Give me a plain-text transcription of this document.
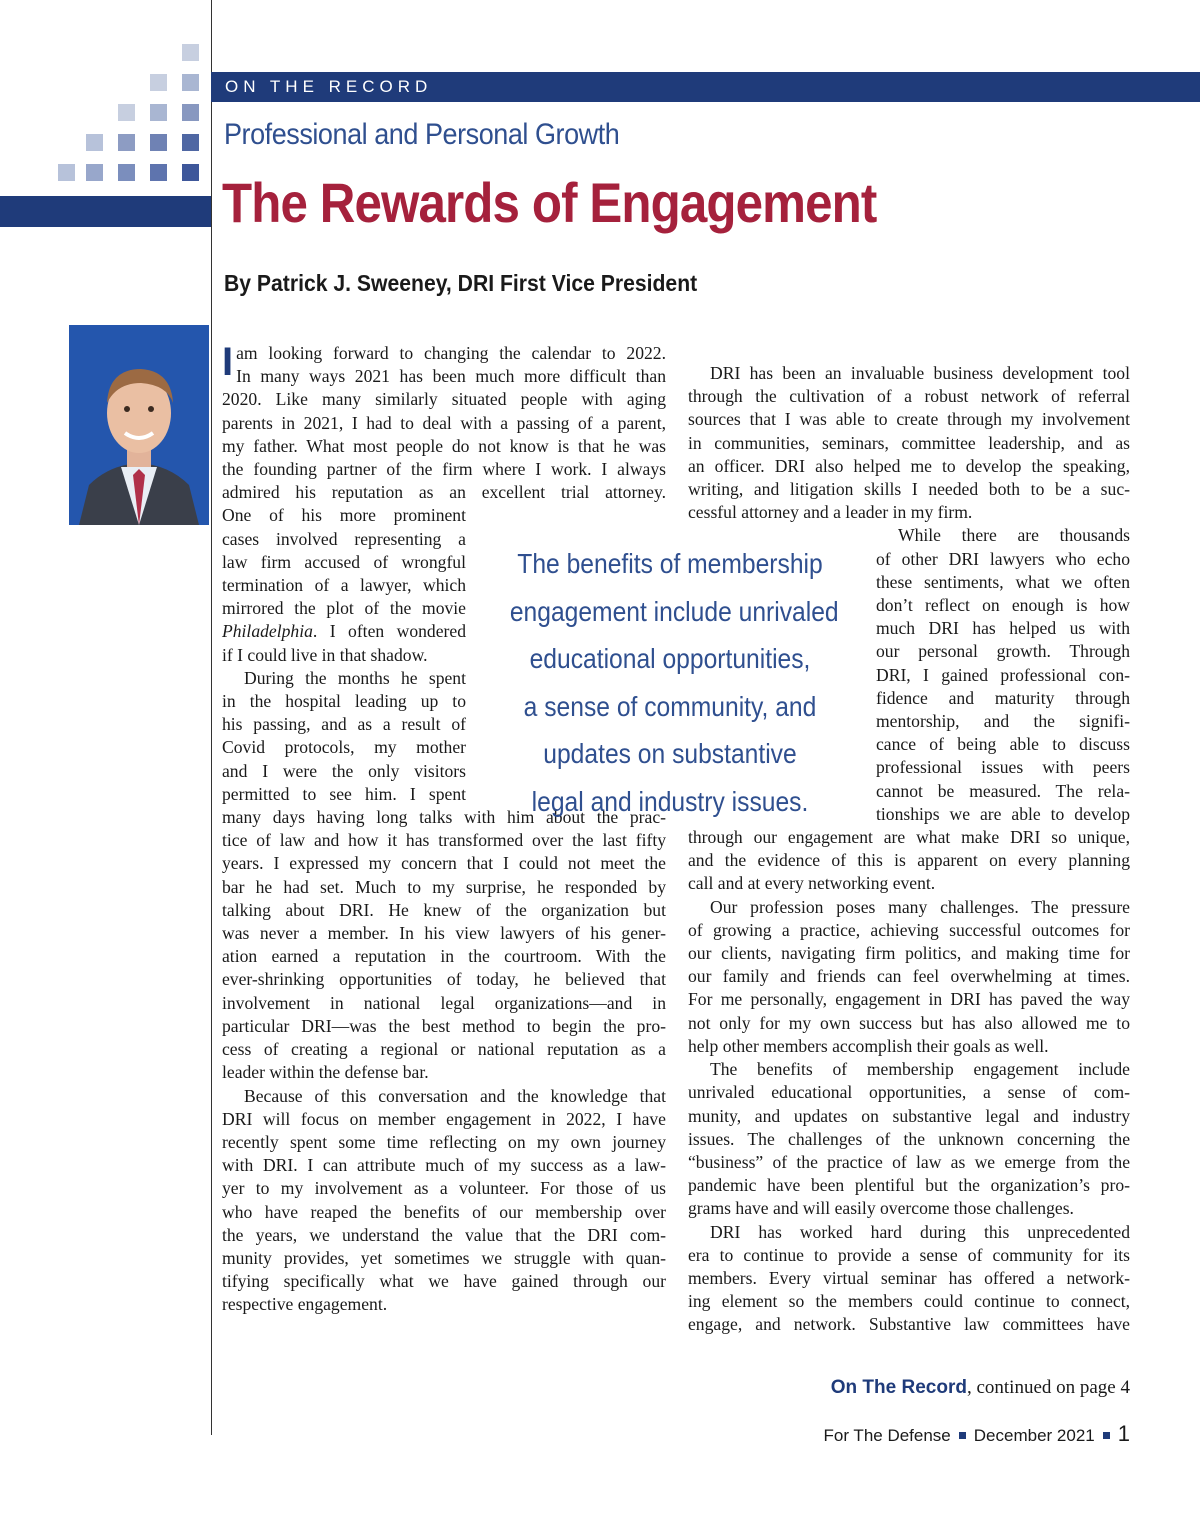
ON THE RECORD
Professional and Personal Growth
The Rewards of Engagement
By Patrick J. Sweeney, DRI First Vice President
I am looking forward to changing the calendar to 2022.
In many ways 2021 has been much more difficult than
2020. Like many similarly situated people with aging
parents in 2021, I had to deal with a passing of a parent,
my father. What most people do not know is that he was
the founding partner of the firm where I work. I always
admired his reputation as an excellent trial attorney.
One of his more prominent
cases involved representing a
law firm accused of wrongful
termination of a lawyer, which
mirrored the plot of the movie
Philadelphia. I often wondered
if I could live in that shadow.
During the months he spent
in the hospital leading up to
his passing, and as a result of
Covid protocols, my mother
and I were the only visitors
permitted to see him. I spent
many days having long talks with him about the prac-
tice of law and how it has transformed over the last fifty
years. I expressed my concern that I could not meet the
bar he had set. Much to my surprise, he responded by
talking about DRI. He knew of the organization but
was never a member. In his view lawyers of his gener-
ation earned a reputation in the courtroom. With the
ever-shrinking opportunities of today, he believed that
involvement in national legal organizations—and in
particular DRI—was the best method to begin the pro-
cess of creating a regional or national reputation as a
leader within the defense bar.
Because of this conversation and the knowledge that
DRI will focus on member engagement in 2022, I have
recently spent some time reflecting on my own journey
with DRI. I can attribute much of my success as a law-
yer to my involvement as a volunteer. For those of us
who have reaped the benefits of our membership over
the years, we understand the value that the DRI com-
munity provides, yet sometimes we struggle with quan-
tifying specifically what we have gained through our
respective engagement.
The benefits of membership
engagement include unrivaled
educational opportunities,
a sense of community, and
updates on substantive
legal and industry issues.
DRI has been an invaluable business development tool
through the cultivation of a robust network of referral
sources that I was able to create through my involvement
in communities, seminars, committee leadership, and as
an officer. DRI also helped me to develop the speaking,
writing, and litigation skills I needed both to be a suc-
cessful attorney and a leader in my firm.
While there are thousands
of other DRI lawyers who echo
these sentiments, what we often
don’t reflect on enough is how
much DRI has helped us with
our personal growth. Through
DRI, I gained professional con-
fidence and maturity through
mentorship, and the signifi-
cance of being able to discuss
professional issues with peers
cannot be measured. The rela-
tionships we are able to develop
through our engagement are what make DRI so unique,
and the evidence of this is apparent on every planning
call and at every networking event.
Our profession poses many challenges. The pressure
of growing a practice, achieving successful outcomes for
our clients, navigating firm politics, and making time for
our family and friends can feel overwhelming at times.
For me personally, engagement in DRI has paved the way
not only for my own success but has also allowed me to
help other members accomplish their goals as well.
The benefits of membership engagement include
unrivaled educational opportunities, a sense of com-
munity, and updates on substantive legal and industry
issues. The challenges of the unknown concerning the
“business” of the practice of law as we emerge from the
pandemic have been plentiful but the organization’s pro-
grams have and will easily overcome those challenges.
DRI has worked hard during this unprecedented
era to continue to provide a sense of community for its
members. Every virtual seminar has offered a network-
ing element so the members could continue to connect,
engage, and network. Substantive law committees have
On The Record, continued on page 4
For The Defense December 2021 1
